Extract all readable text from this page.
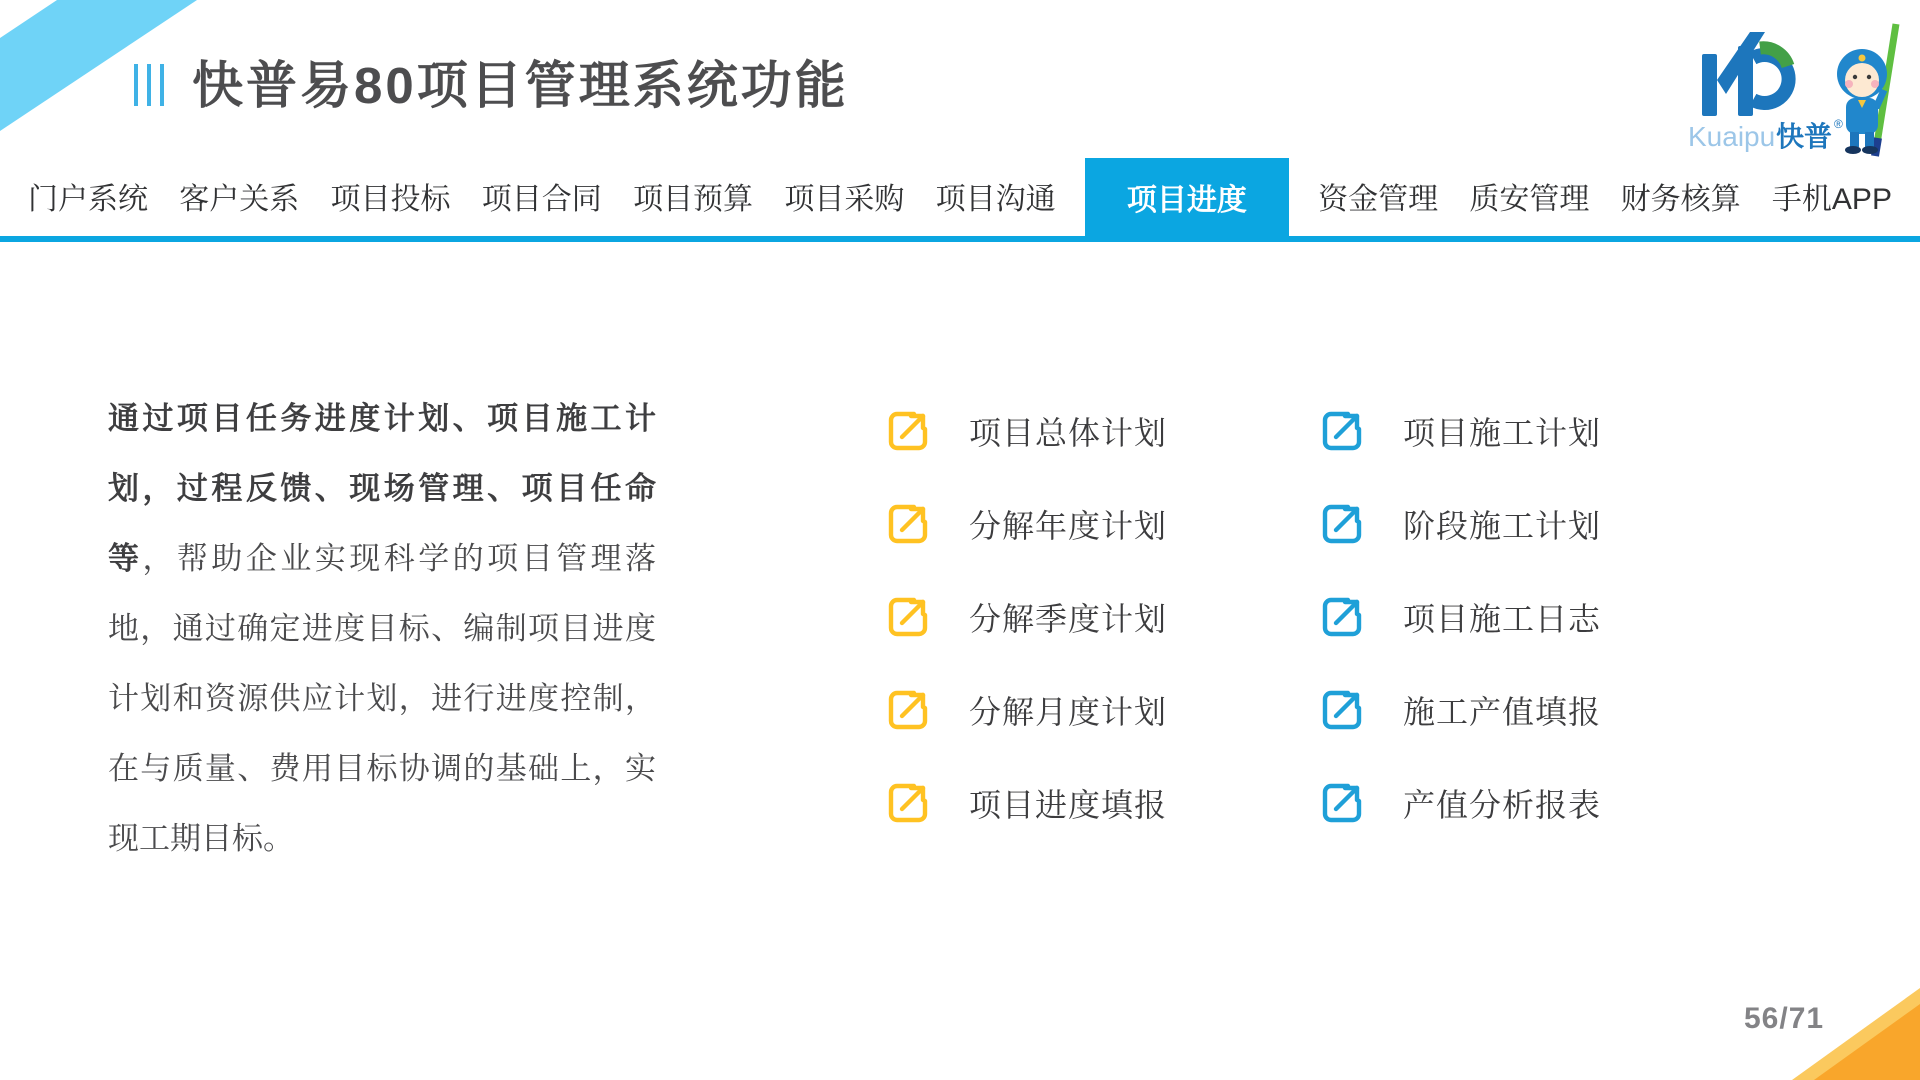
快普易80项目管理系统功能
Kuaipu 快普 ®
门户系统 客户关系 项目投标 项目合同 项目预算 项目采购 项目沟通	项目进度	资金管理 质安管理 财务核算 手机APP
通过项目任务进度计划、项目施工计划，过程反馈、现场管理、项目任命等，帮助企业实现科学的项目管理落地，通过确定进度目标、编制项目进度计划和资源供应计划，进行进度控制，在与质量、费用目标协调的基础上，实现工期目标。
项目总体计划
分解年度计划
分解季度计划
分解月度计划
项目进度填报
项目施工计划
阶段施工计划
项目施工日志
施工产值填报
产值分析报表
56/71
